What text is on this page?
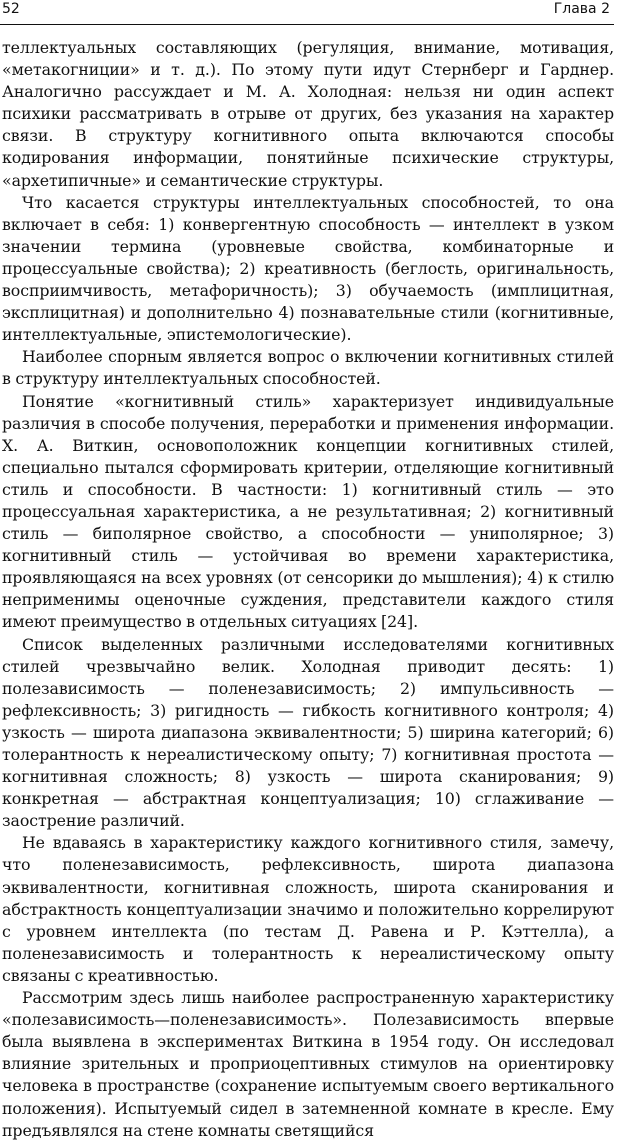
52	Глава 2

теллектуальных составляющих (регуляция, внимание, мотивация, «метакогниции» и т. д.). По этому пути идут Стернберг и Гарднер. Аналогично рассуждает и М. А. Холодная: нельзя ни один аспект психики рассматривать в отрыве от других, без указания на характер связи. В структуру когнитивного опыта включаются способы кодирования информации, понятийные психические структуры, «архетипичные» и семантические структуры.

Что касается структуры интеллектуальных способностей, то она включает в себя: 1) конвергентную способность — интеллект в узком значении термина (уровневые свойства, комбинаторные и процессуальные свойства); 2) креативность (беглость, оригинальность, восприимчивость, метафоричность); 3) обучаемость (имплицитная, эксплицитная) и дополнительно 4) познавательные стили (когнитивные, интеллектуальные, эпистемологические).

Наиболее спорным является вопрос о включении когнитивных стилей в структуру интеллектуальных способностей.

Понятие «когнитивный стиль» характеризует индивидуальные различия в способе получения, переработки и применения информации. Х. А. Виткин, основоположник концепции когнитивных стилей, специально пытался сформировать критерии, отделяющие когнитивный стиль и способности. В частности: 1) когнитивный стиль — это процессуальная характеристика, а не результативная; 2) когнитивный стиль — биполярное свойство, а способности — униполярное; 3) когнитивный стиль — устойчивая во времени характеристика, проявляющаяся на всех уровнях (от сенсорики до мышления); 4) к стилю неприменимы оценочные суждения, представители каждого стиля имеют преимущество в отдельных ситуациях [24].

Список выделенных различными исследователями когнитивных стилей чрезвычайно велик. Холодная приводит десять: 1) полезависимость — поленезависимость; 2) импульсивность — рефлексивность; 3) ригидность — гибкость когнитивного контроля; 4) узкость — широта диапазона эквивалентности; 5) ширина категорий; 6) толерантность к нереалистическому опыту; 7) когнитивная простота — когнитивная сложность; 8) узкость — широта сканирования; 9) конкретная — абстрактная концептуализация; 10) сглаживание — заострение различий.

Не вдаваясь в характеристику каждого когнитивного стиля, замечу, что поленезависимость, рефлексивность, широта диапазона эквивалентности, когнитивная сложность, широта сканирования и абстрактность концептуализации значимо и положительно коррелируют с уровнем интеллекта (по тестам Д. Равена и Р. Кэттелла), а поленезависимость и толерантность к нереалистическому опыту связаны с креативностью.

Рассмотрим здесь лишь наиболее распространенную характеристику «полезависимость—поленезависимость». Полезависимость впервые была выявлена в экспериментах Виткина в 1954 году. Он исследовал влияние зрительных и проприоцептивных стимулов на ориентировку человека в пространстве (сохранение испытуемым своего вертикального положения). Испытуемый сидел в затемненной комнате в кресле. Ему предъявлялся на стене комнаты светящийся
